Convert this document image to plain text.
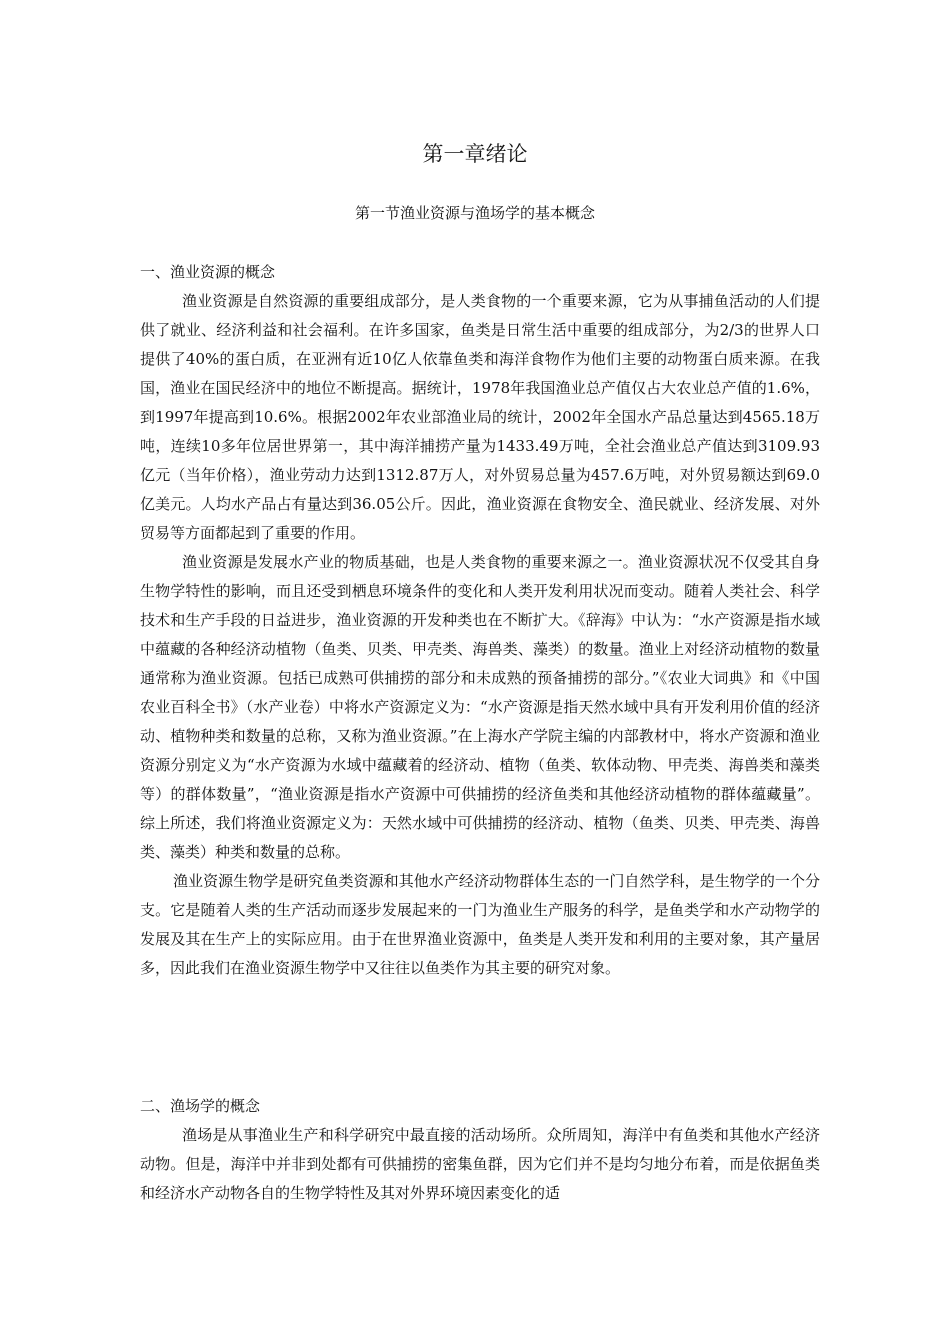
第一章绪论
第一节渔业资源与渔场学的基本概念

一、渔业资源的概念

渔业资源是自然资源的重要组成部分，是人类食物的一个重要来源，它为从事捕鱼活动的人们提供了就业、经济利益和社会福利。在许多国家，鱼类是日常生活中重要的组成部分，为2/3的世界人口提供了40%的蛋白质，在亚洲有近10亿人依靠鱼类和海洋食物作为他们主要的动物蛋白质来源。在我国，渔业在国民经济中的地位不断提高。据统计，1978年我国渔业总产值仅占大农业总产值的1.6%，到1997年提高到10.6%。根据2002年农业部渔业局的统计，2002年全国水产品总量达到4565.18万吨，连续10多年位居世界第一，其中海洋捕捞产量为1433.49万吨，全社会渔业总产值达到3109.93亿元（当年价格），渔业劳动力达到1312.87万人，对外贸易总量为457.6万吨，对外贸易额达到69.0亿美元。人均水产品占有量达到36.05公斤。因此，渔业资源在食物安全、渔民就业、经济发展、对外贸易等方面都起到了重要的作用。

渔业资源是发展水产业的物质基础，也是人类食物的重要来源之一。渔业资源状况不仅受其自身生物学特性的影响，而且还受到栖息环境条件的变化和人类开发利用状况而变动。随着人类社会、科学技术和生产手段的日益进步，渔业资源的开发种类也在不断扩大。《辞海》中认为：“水产资源是指水域中蕴藏的各种经济动植物（鱼类、贝类、甲壳类、海兽类、藻类）的数量。渔业上对经济动植物的数量通常称为渔业资源。包括已成熟可供捕捞的部分和未成熟的预备捕捞的部分。”《农业大词典》和《中国农业百科全书》（水产业卷）中将水产资源定义为：“水产资源是指天然水域中具有开发利用价值的经济动、植物种类和数量的总称，又称为渔业资源。”在上海水产学院主编的内部教材中，将水产资源和渔业资源分别定义为“水产资源为水域中蕴藏着的经济动、植物（鱼类、软体动物、甲壳类、海兽类和藻类等）的群体数量”，“渔业资源是指水产资源中可供捕捞的经济鱼类和其他经济动植物的群体蕴藏量”。综上所述，我们将渔业资源定义为：天然水域中可供捕捞的经济动、植物（鱼类、贝类、甲壳类、海兽类、藻类）种类和数量的总称。

渔业资源生物学是研究鱼类资源和其他水产经济动物群体生态的一门自然学科，是生物学的一个分支。它是随着人类的生产活动而逐步发展起来的一门为渔业生产服务的科学，是鱼类学和水产动物学的发展及其在生产上的实际应用。由于在世界渔业资源中，鱼类是人类开发和利用的主要对象，其产量居多，因此我们在渔业资源生物学中又往往以鱼类作为其主要的研究对象。

二、渔场学的概念

渔场是从事渔业生产和科学研究中最直接的活动场所。众所周知，海洋中有鱼类和其他水产经济动物。但是，海洋中并非到处都有可供捕捞的密集鱼群，因为它们并不是均匀地分布着，而是依据鱼类和经济水产动物各自的生物学特性及其对外界环境因素变化的适
